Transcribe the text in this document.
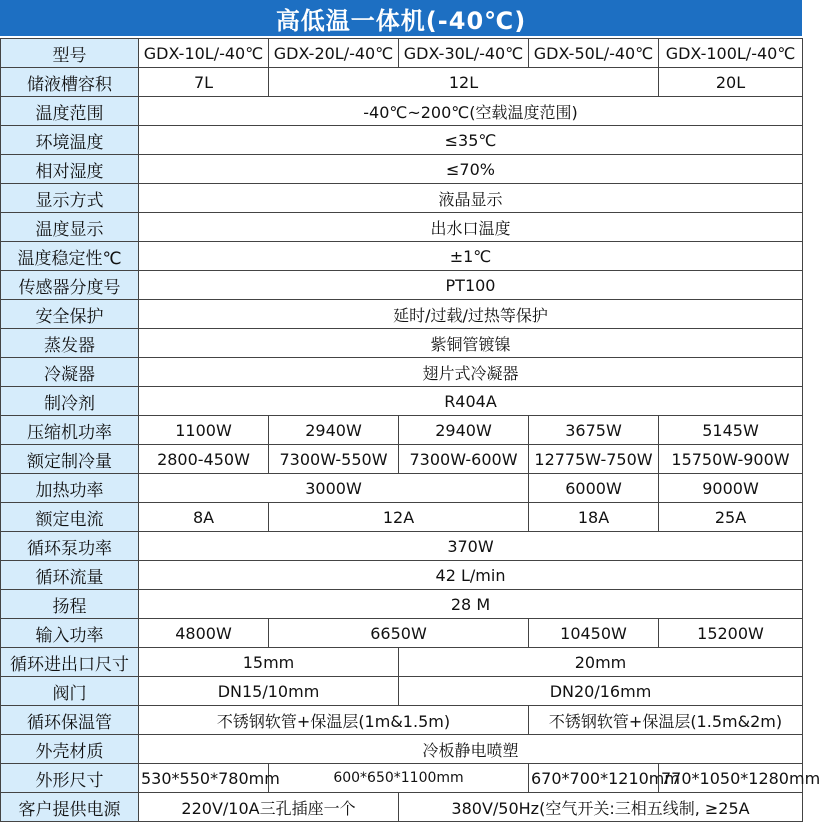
高低温一体机(-40℃)
型号	GDX-10L/-40℃	GDX-20L/-40℃	GDX-30L/-40℃	GDX-50L/-40℃	GDX-100L/-40℃
储液槽容积	7L	12L			20L
温度范围	-40℃~200℃(空载温度范围)				
环境温度	≤35℃				
相对湿度	≤70%				
显示方式	液晶显示				
温度显示	出水口温度				
温度稳定性℃	±1℃				
传感器分度号	PT100				
安全保护	延时/过载/过热等保护				
蒸发器	紫铜管镀镍				
冷凝器	翅片式冷凝器				
制冷剂	R404A				
压缩机功率	1100W	2940W	2940W	3675W	5145W
额定制冷量	2800-450W	7300W-550W	7300W-600W	12775W-750W	15750W-900W
加热功率	3000W			6000W	9000W
额定电流	8A	12A		18A	25A
循环泵功率	370W				
循环流量	42 L/min				
扬程	28 M				
输入功率	4800W	6650W		10450W	15200W
循环进出口尺寸	15mm		20mm		
阀门	DN15/10mm		DN20/16mm		
循环保温管	不锈钢软管+保温层(1m&1.5m)			不锈钢软管+保温层(1.5m&2m)	
外壳材质	冷板静电喷塑				
外形尺寸	530*550*780mm	600*650*1100mm		670*700*1210mm	770*1050*1280mm
客户提供电源	220V/10A三孔插座一个		380V/50Hz(空气开关:三相五线制, ≥25A		
